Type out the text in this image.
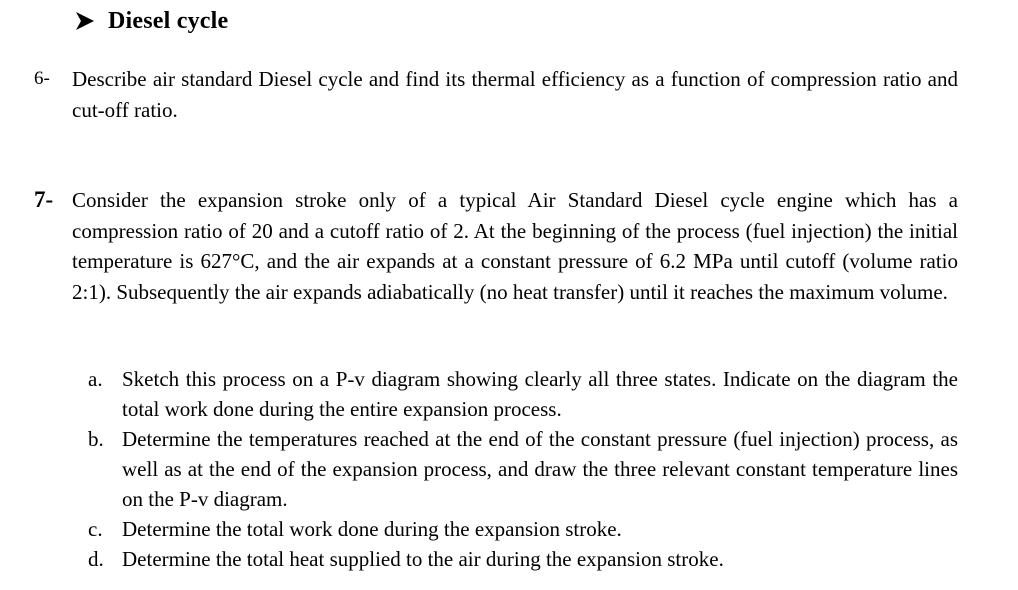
Diesel cycle
6- Describe air standard Diesel cycle and find its thermal efficiency as a function of compression ratio and cut-off ratio.
7- Consider the expansion stroke only of a typical Air Standard Diesel cycle engine which has a compression ratio of 20 and a cutoff ratio of 2. At the beginning of the process (fuel injection) the initial temperature is 627°C, and the air expands at a constant pressure of 6.2 MPa until cutoff (volume ratio 2:1). Subsequently the air expands adiabatically (no heat transfer) until it reaches the maximum volume.
a. Sketch this process on a P-v diagram showing clearly all three states. Indicate on the diagram the total work done during the entire expansion process.
b. Determine the temperatures reached at the end of the constant pressure (fuel injection) process, as well as at the end of the expansion process, and draw the three relevant constant temperature lines on the P-v diagram.
c. Determine the total work done during the expansion stroke.
d. Determine the total heat supplied to the air during the expansion stroke.
